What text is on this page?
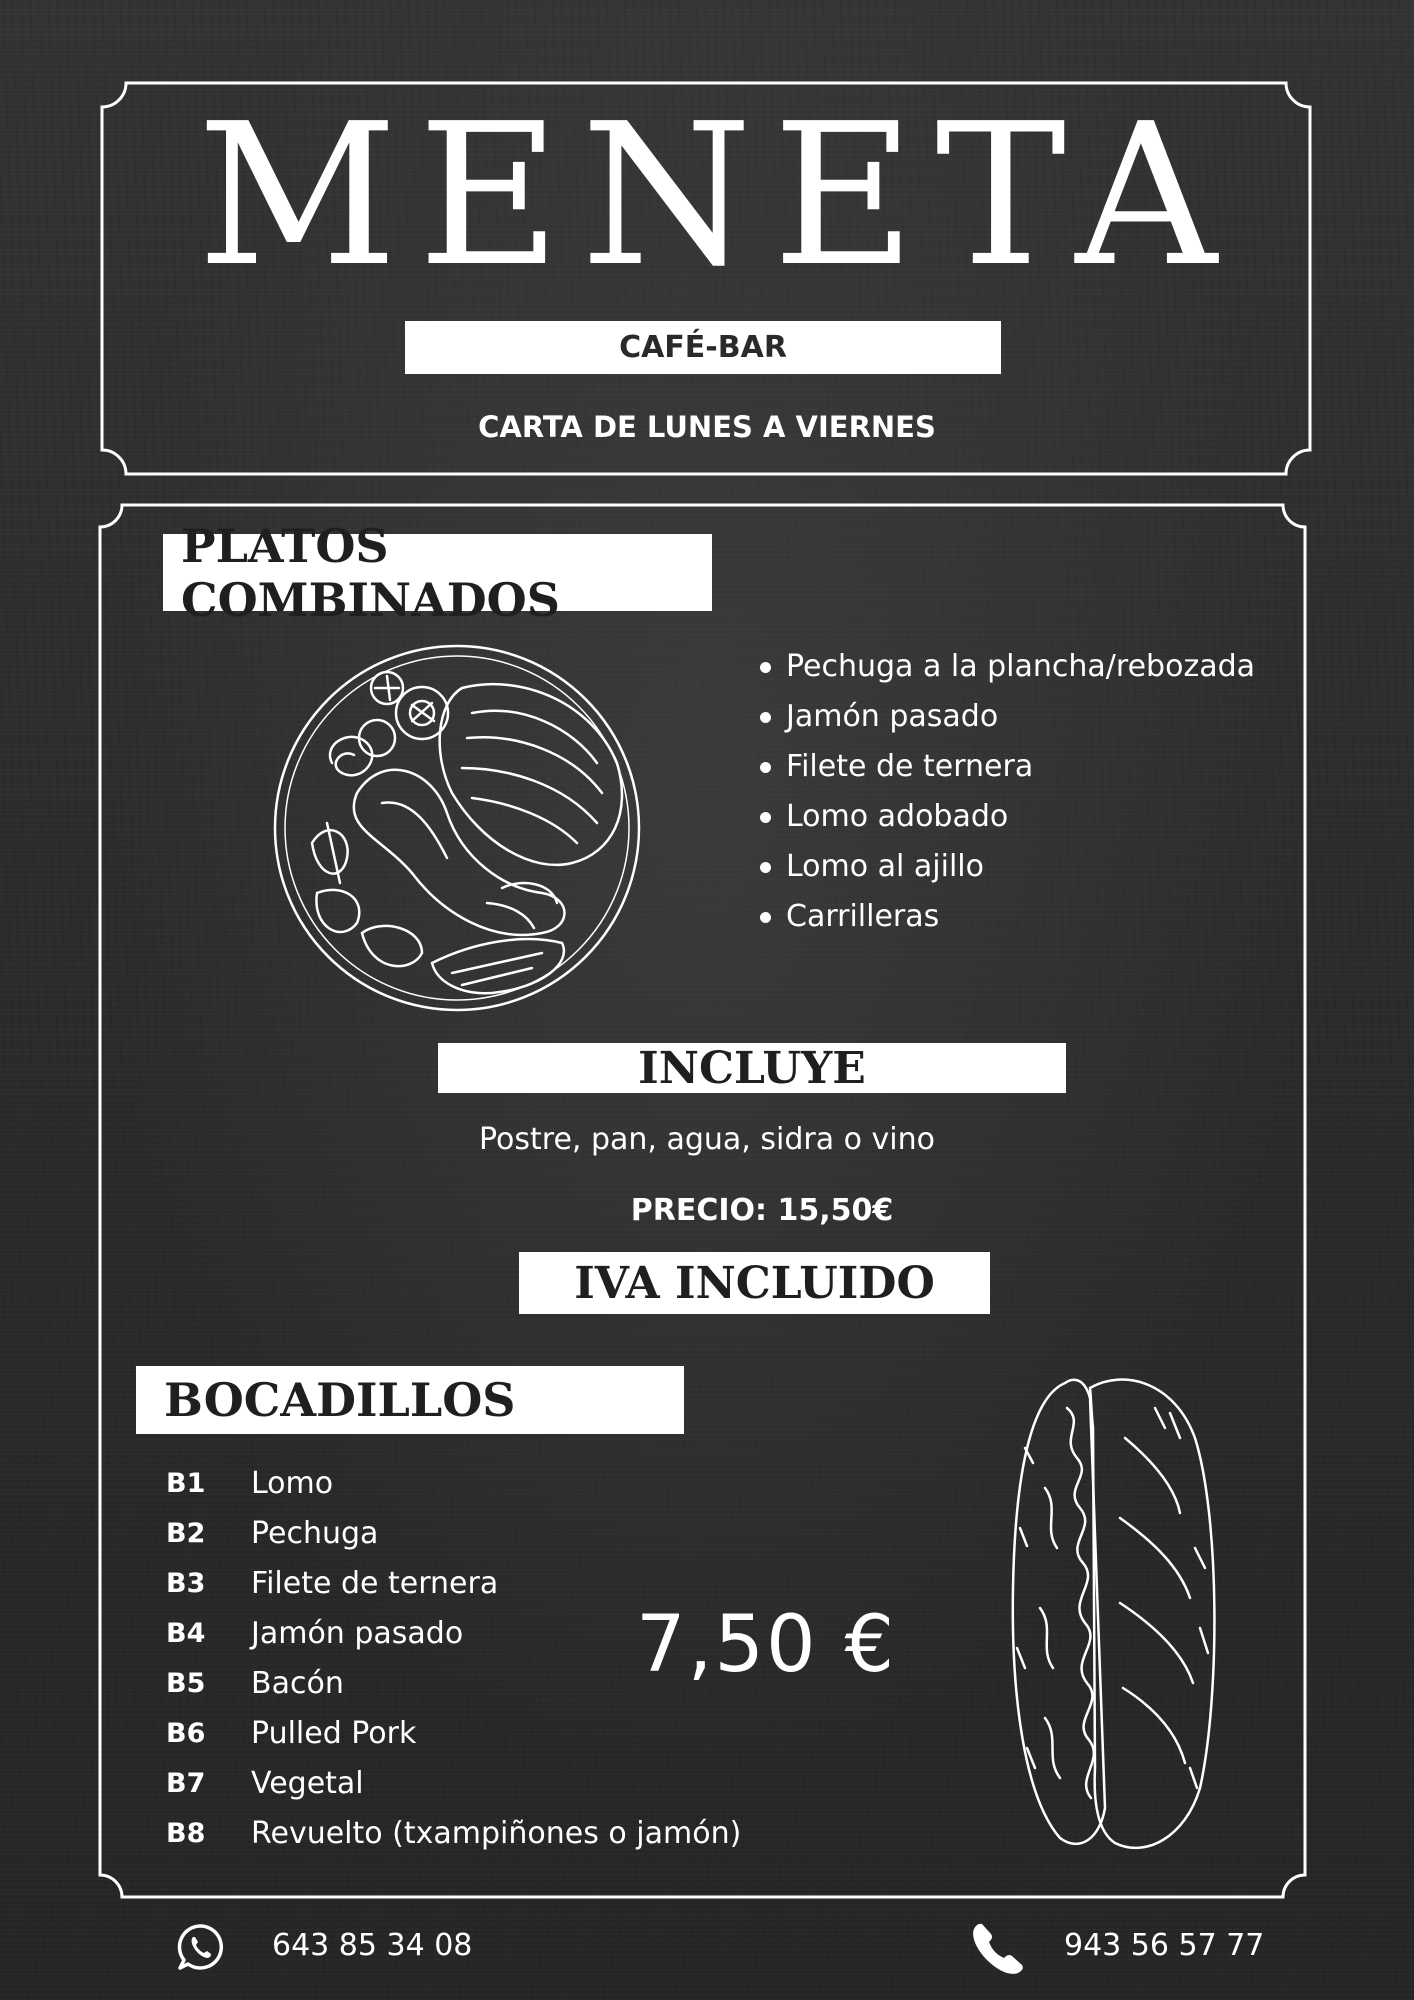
MENETA
CAFÉ-BAR
CARTA DE LUNES A VIERNES
PLATOS COMBINADOS
Pechuga a la plancha/rebozada
Jamón pasado
Filete de ternera
Lomo adobado
Lomo al ajillo
Carrilleras
INCLUYE
Postre, pan, agua, sidra o vino
PRECIO: 15,50€
IVA INCLUIDO
BOCADILLOS
B1	Lomo
B2	Pechuga
B3	Filete de ternera
B4	Jamón pasado
B5	Bacón
B6	Pulled Pork
B7	Vegetal
B8	Revuelto (txampiñones o jamón)
7,50 €
643 85 34 08	943 56 57 77
